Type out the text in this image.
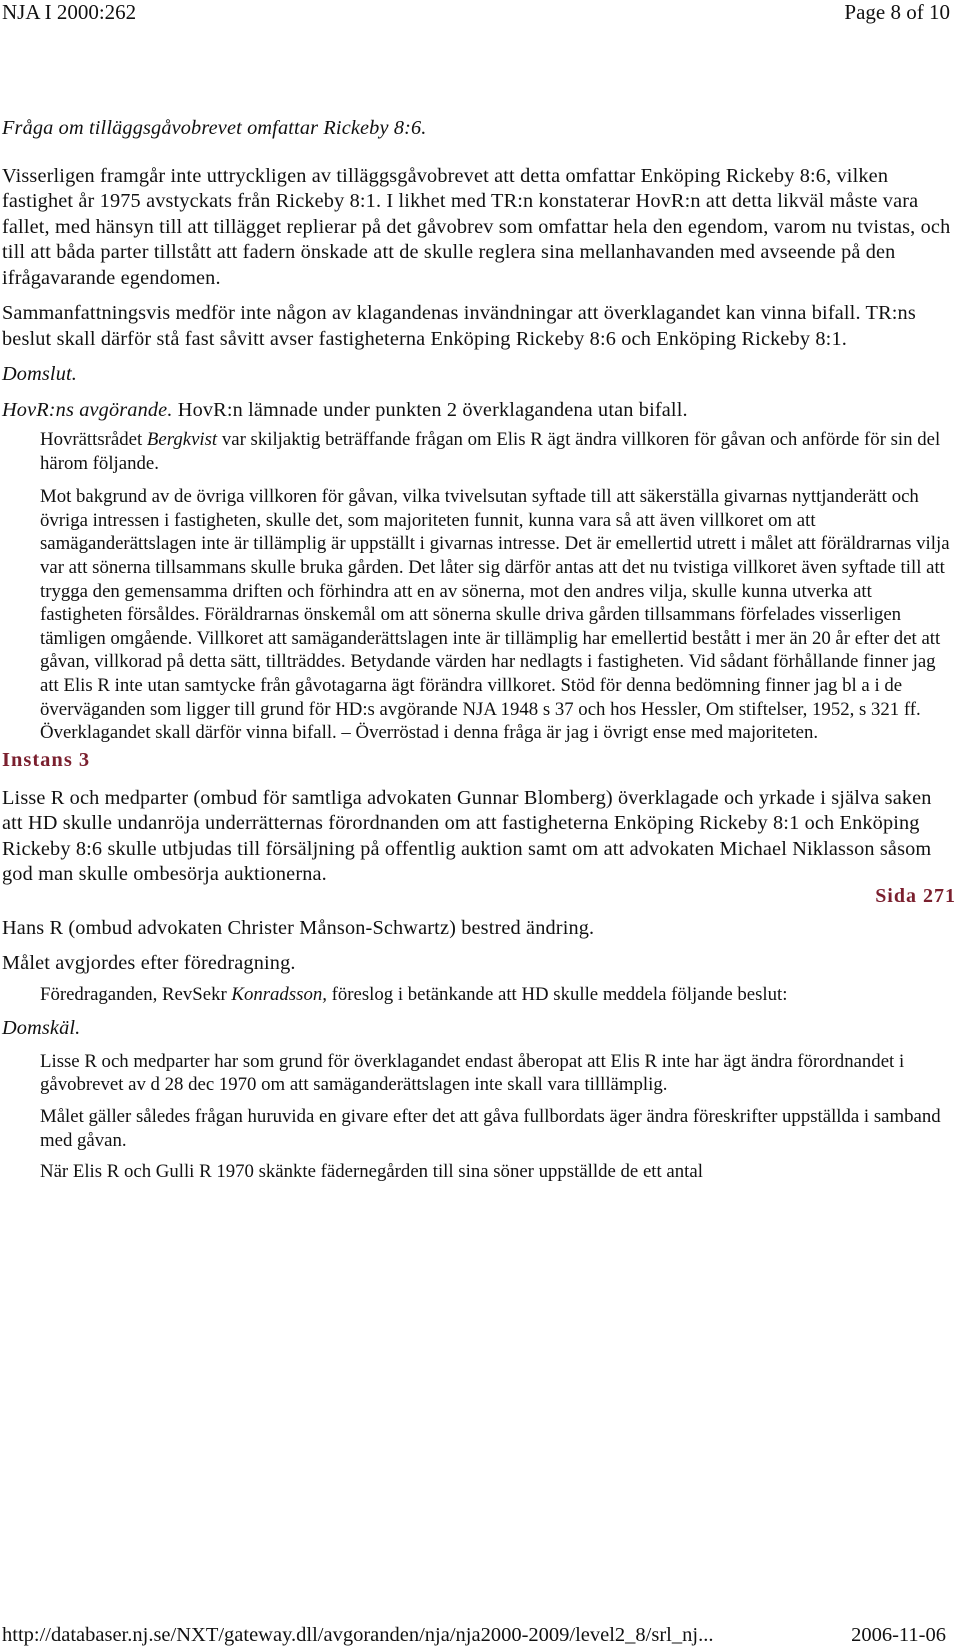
NJA I 2000:262	Page 8 of 10

Fråga om tilläggsgåvobrevet omfattar Rickeby 8:6.

Visserligen framgår inte uttryckligen av tilläggsgåvobrevet att detta omfattar Enköping Rickeby 8:6, vilken fastighet år 1975 avstyckats från Rickeby 8:1. I likhet med TR:n konstaterar HovR:n att detta likväl måste vara fallet, med hänsyn till att tillägget replierar på det gåvobrev som omfattar hela den egendom, varom nu tvistas, och till att båda parter tillstått att fadern önskade att de skulle reglera sina mellanhavanden med avseende på den ifrågavarande egendomen.

Sammanfattningsvis medför inte någon av klagandenas invändningar att överklagandet kan vinna bifall. TR:ns beslut skall därför stå fast såvitt avser fastigheterna Enköping Rickeby 8:6 och Enköping Rickeby 8:1.

Domslut.

HovR:ns avgörande. HovR:n lämnade under punkten 2 överklagandena utan bifall.

Hovrättsrådet Bergkvist var skiljaktig beträffande frågan om Elis R ägt ändra villkoren för gåvan och anförde för sin del härom följande.

Mot bakgrund av de övriga villkoren för gåvan, vilka tvivelsutan syftade till att säkerställa givarnas nyttjanderätt och övriga intressen i fastigheten, skulle det, som majoriteten funnit, kunna vara så att även villkoret om att samäganderättslagen inte är tillämplig är uppställt i givarnas intresse. Det är emellertid utrett i målet att föräldrarnas vilja var att sönerna tillsammans skulle bruka gården. Det låter sig därför antas att det nu tvistiga villkoret även syftade till att trygga den gemensamma driften och förhindra att en av sönerna, mot den andres vilja, skulle kunna utverka att fastigheten försåldes. Föräldrarnas önskemål om att sönerna skulle driva gården tillsammans förfelades visserligen tämligen omgående. Villkoret att samäganderättslagen inte är tillämplig har emellertid bestått i mer än 20 år efter det att gåvan, villkorad på detta sätt, tillträddes. Betydande värden har nedlagts i fastigheten. Vid sådant förhållande finner jag att Elis R inte utan samtycke från gåvotagarna ägt förändra villkoret. Stöd för denna bedömning finner jag bl a i de överväganden som ligger till grund för HD:s avgörande NJA 1948 s 37 och hos Hessler, Om stiftelser, 1952, s 321 ff. Överklagandet skall därför vinna bifall. – Överröstad i denna fråga är jag i övrigt ense med majoriteten.

Instans 3

Lisse R och medparter (ombud för samtliga advokaten Gunnar Blomberg) överklagade och yrkade i själva saken att HD skulle undanröja underrätternas förordnanden om att fastigheterna Enköping Rickeby 8:1 och Enköping Rickeby 8:6 skulle utbjudas till försäljning på offentlig auktion samt om att advokaten Michael Niklasson såsom god man skulle ombesörja auktionerna.

Sida 271

Hans R (ombud advokaten Christer Månson-Schwartz) bestred ändring.

Målet avgjordes efter föredragning.

Föredraganden, RevSekr Konradsson, föreslog i betänkande att HD skulle meddela följande beslut:

Domskäl.

Lisse R och medparter har som grund för överklagandet endast åberopat att Elis R inte har ägt ändra förordnandet i gåvobrevet av d 28 dec 1970 om att samäganderättslagen inte skall vara tilllämplig.

Målet gäller således frågan huruvida en givare efter det att gåva fullbordats äger ändra föreskrifter uppställda i samband med gåvan.

När Elis R och Gulli R 1970 skänkte fädernegården till sina söner uppställde de ett antal

http://databaser.nj.se/NXT/gateway.dll/avgoranden/nja/nja2000-2009/level2_8/srl_nj...	2006-11-06
